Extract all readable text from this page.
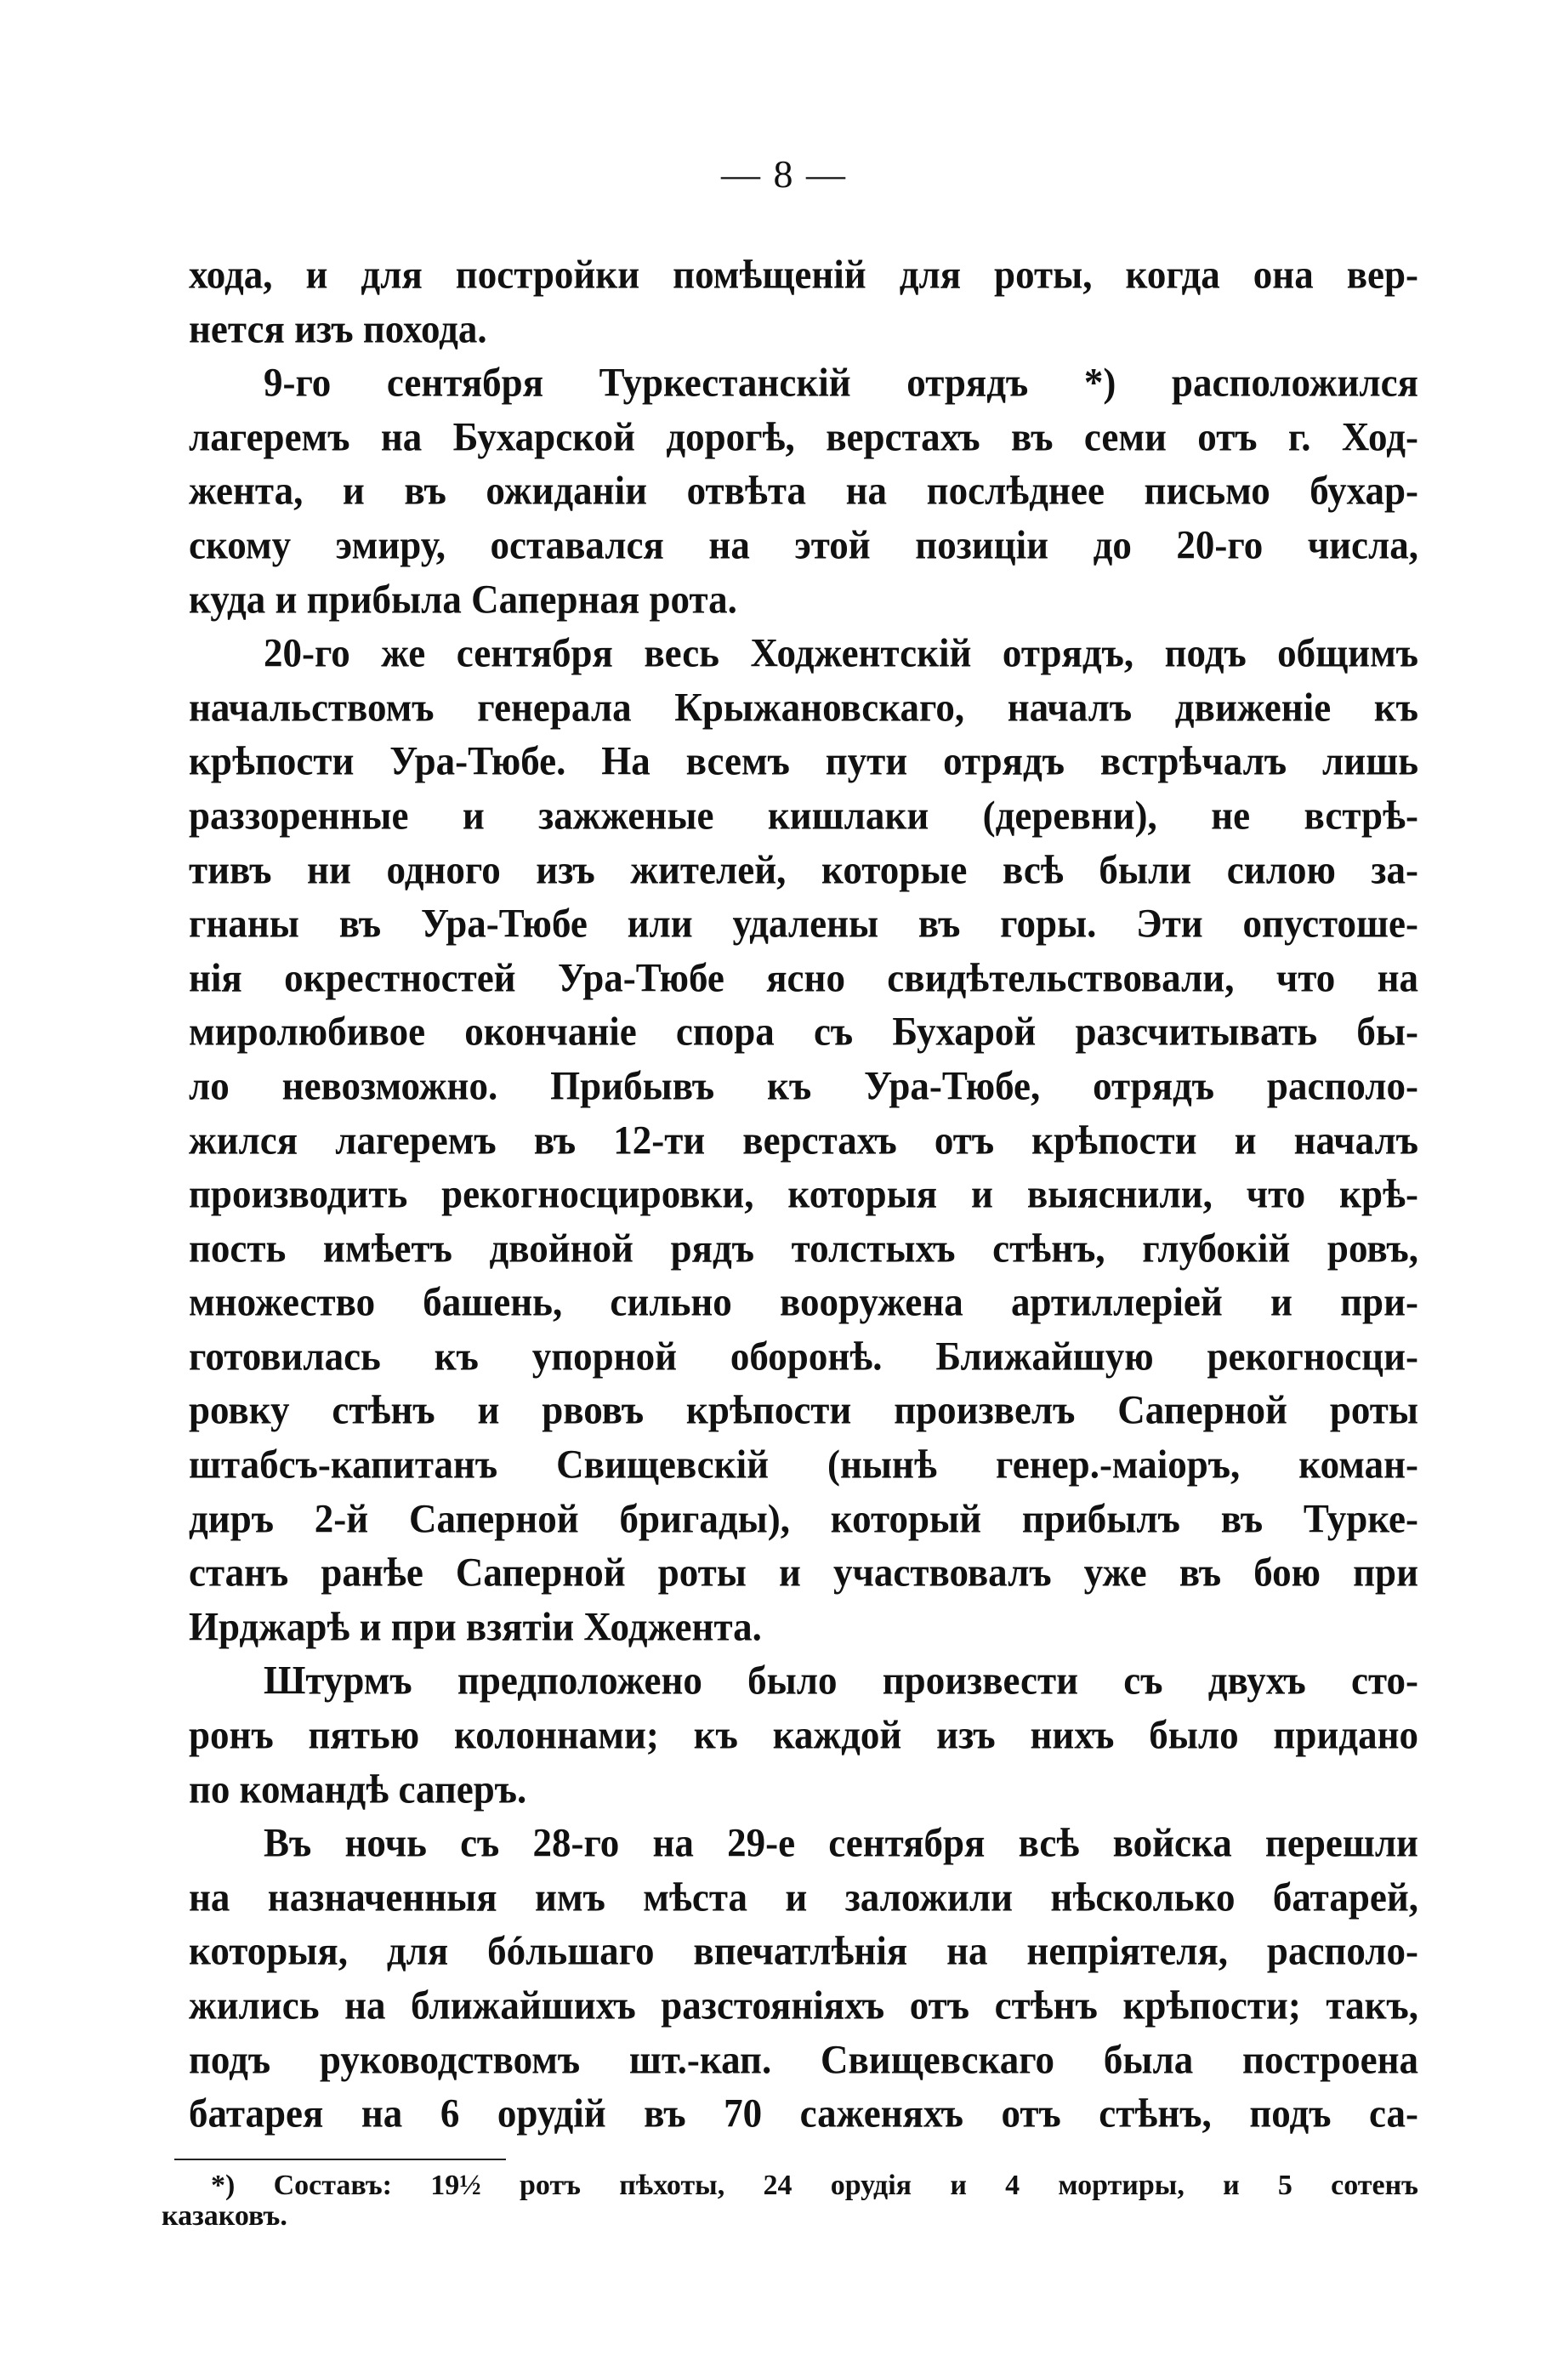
— 8 —
хода, и для постройки помѣщеній для роты, когда она вер-
нется изъ похода.
9-го сентября Туркестанскій отрядъ *) расположился
лагеремъ на Бухарской дорогѣ, верстахъ въ семи отъ г. Ход-
жента, и въ ожиданіи отвѣта на послѣднее письмо бухар-
скому эмиру, оставался на этой позиціи до 20-го числа,
куда и прибыла Саперная рота.
20-го же сентября весь Ходжентскій отрядъ, подъ общимъ
начальствомъ генерала Крыжановскаго, началъ движеніе къ
крѣпости Ура-Тюбе. На всемъ пути отрядъ встрѣчалъ лишь
раззоренные и зажженые кишлаки (деревни), не встрѣ-
тивъ ни одного изъ жителей, которые всѣ были силою за-
гнаны въ Ура-Тюбе или удалены въ горы. Эти опустоше-
нія окрестностей Ура-Тюбе ясно свидѣтельствовали, что на
миролюбивое окончаніе спора съ Бухарой разсчитывать бы-
ло невозможно. Прибывъ къ Ура-Тюбе, отрядъ располо-
жился лагеремъ въ 12-ти верстахъ отъ крѣпости и началъ
производить рекогносцировки, которыя и выяснили, что крѣ-
пость имѣетъ двойной рядъ толстыхъ стѣнъ, глубокій ровъ,
множество башень, сильно вооружена артиллеріей и при-
готовилась къ упорной оборонѣ. Ближайшую рекогносци-
ровку стѣнъ и рвовъ крѣпости произвелъ Саперной роты
штабсъ-капитанъ Свищевскій (нынѣ генер.-маіоръ, коман-
диръ 2-й Саперной бригады), который прибылъ въ Турке-
станъ ранѣе Саперной роты и участвовалъ уже въ бою при
Ирджарѣ и при взятіи Ходжента.
Штурмъ предположено было произвести съ двухъ сто-
ронъ пятью колоннами; къ каждой изъ нихъ было придано
по командѣ саперъ.
Въ ночь съ 28-го на 29-е сентября всѣ войска перешли
на назначенныя имъ мѣста и заложили нѣсколько батарей,
которыя, для бóльшаго впечатлѣнія на непріятеля, располо-
жились на ближайшихъ разстояніяхъ отъ стѣнъ крѣпости; такъ,
подъ руководствомъ шт.-кап. Свищевскаго была построена
батарея на 6 орудій въ 70 саженяхъ отъ стѣнъ, подъ са-
*) Составъ: 19½ ротъ пѣхоты, 24 орудія и 4 мортиры, и 5 сотенъ
казаковъ.
